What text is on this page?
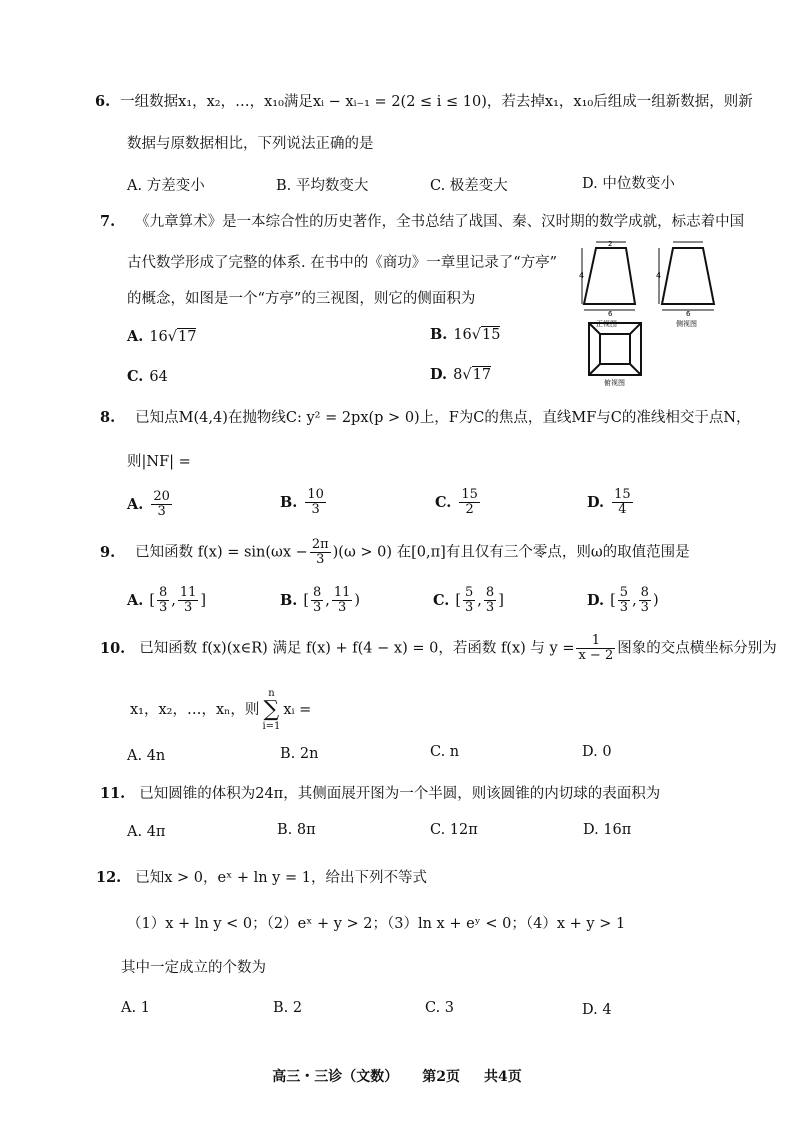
6. 一组数据x₁，x₂，…，x₁₀满足xᵢ − xᵢ₋₁ = 2(2 ≤ i ≤ 10)，若去掉x₁，x₁₀后组成一组新数据，则新
数据与原数据相比，下列说法正确的是
A. 方差变小	B. 平均数变大	C. 极差变大	D. 中位数变小
7. 《九章算术》是一本综合性的历史著作，全书总结了战国、秦、汉时期的数学成就，标志着中国
古代数学形成了完整的体系. 在书中的《商功》一章里记录了“方亭”
的概念，如图是一个“方亭”的三视图，则它的侧面积为
A. 16√17	B. 16√15
C. 64	D. 8√17
4
2
6
正视图
4
6
侧视图
俯视图
8. 已知点M(4,4)在抛物线C: y² = 2px(p > 0)上，F为C的焦点，直线MF与C的准线相交于点N，
则|NF| =
A. $\frac{20}{3}$	B. $\frac{10}{3}$	C. $\frac{15}{2}$	D. $\frac{15}{4}$
9. 已知函数 $f(x) = \sin(\omega x - \frac{2\pi}{3} )(\omega > 0)$ 在[0,π]有且仅有三个零点，则ω的取值范围是
A. [ $\frac{8}{3}$ , $\frac{11}{3}$ ]	B. [ $\frac{8}{3}$ , $\frac{11}{3}$ )	C. [ $\frac{5}{3}$ , $\frac{8}{3}$ ]	D. [ $\frac{5}{3}$ , $\frac{8}{3}$ )
10. 已知函数 f(x)(x∈R) 满足 f(x) + f(4 − x) = 0，若函数 f(x) 与 $y = \frac{1}{x - 2}$ 图象的交点横坐标分别为
x₁，x₂，…，xₙ，则
n
∑
i=1
xᵢ =
A. 4n	B. 2n	C. n	D. 0
11. 已知圆锥的体积为24π，其侧面展开图为一个半圆，则该圆锥的内切球的表面积为
A. 4π	B. 8π	C. 12π	D. 16π
12. 已知x > 0，eˣ + ln y = 1，给出下列不等式
（1）x + ln y < 0；（2）eˣ + y > 2；（3）ln x + eʸ < 0；（4）x + y > 1
其中一定成立的个数为
A. 1	B. 2	C. 3	D. 4
高三・三诊（文数） 第2页 共4页
